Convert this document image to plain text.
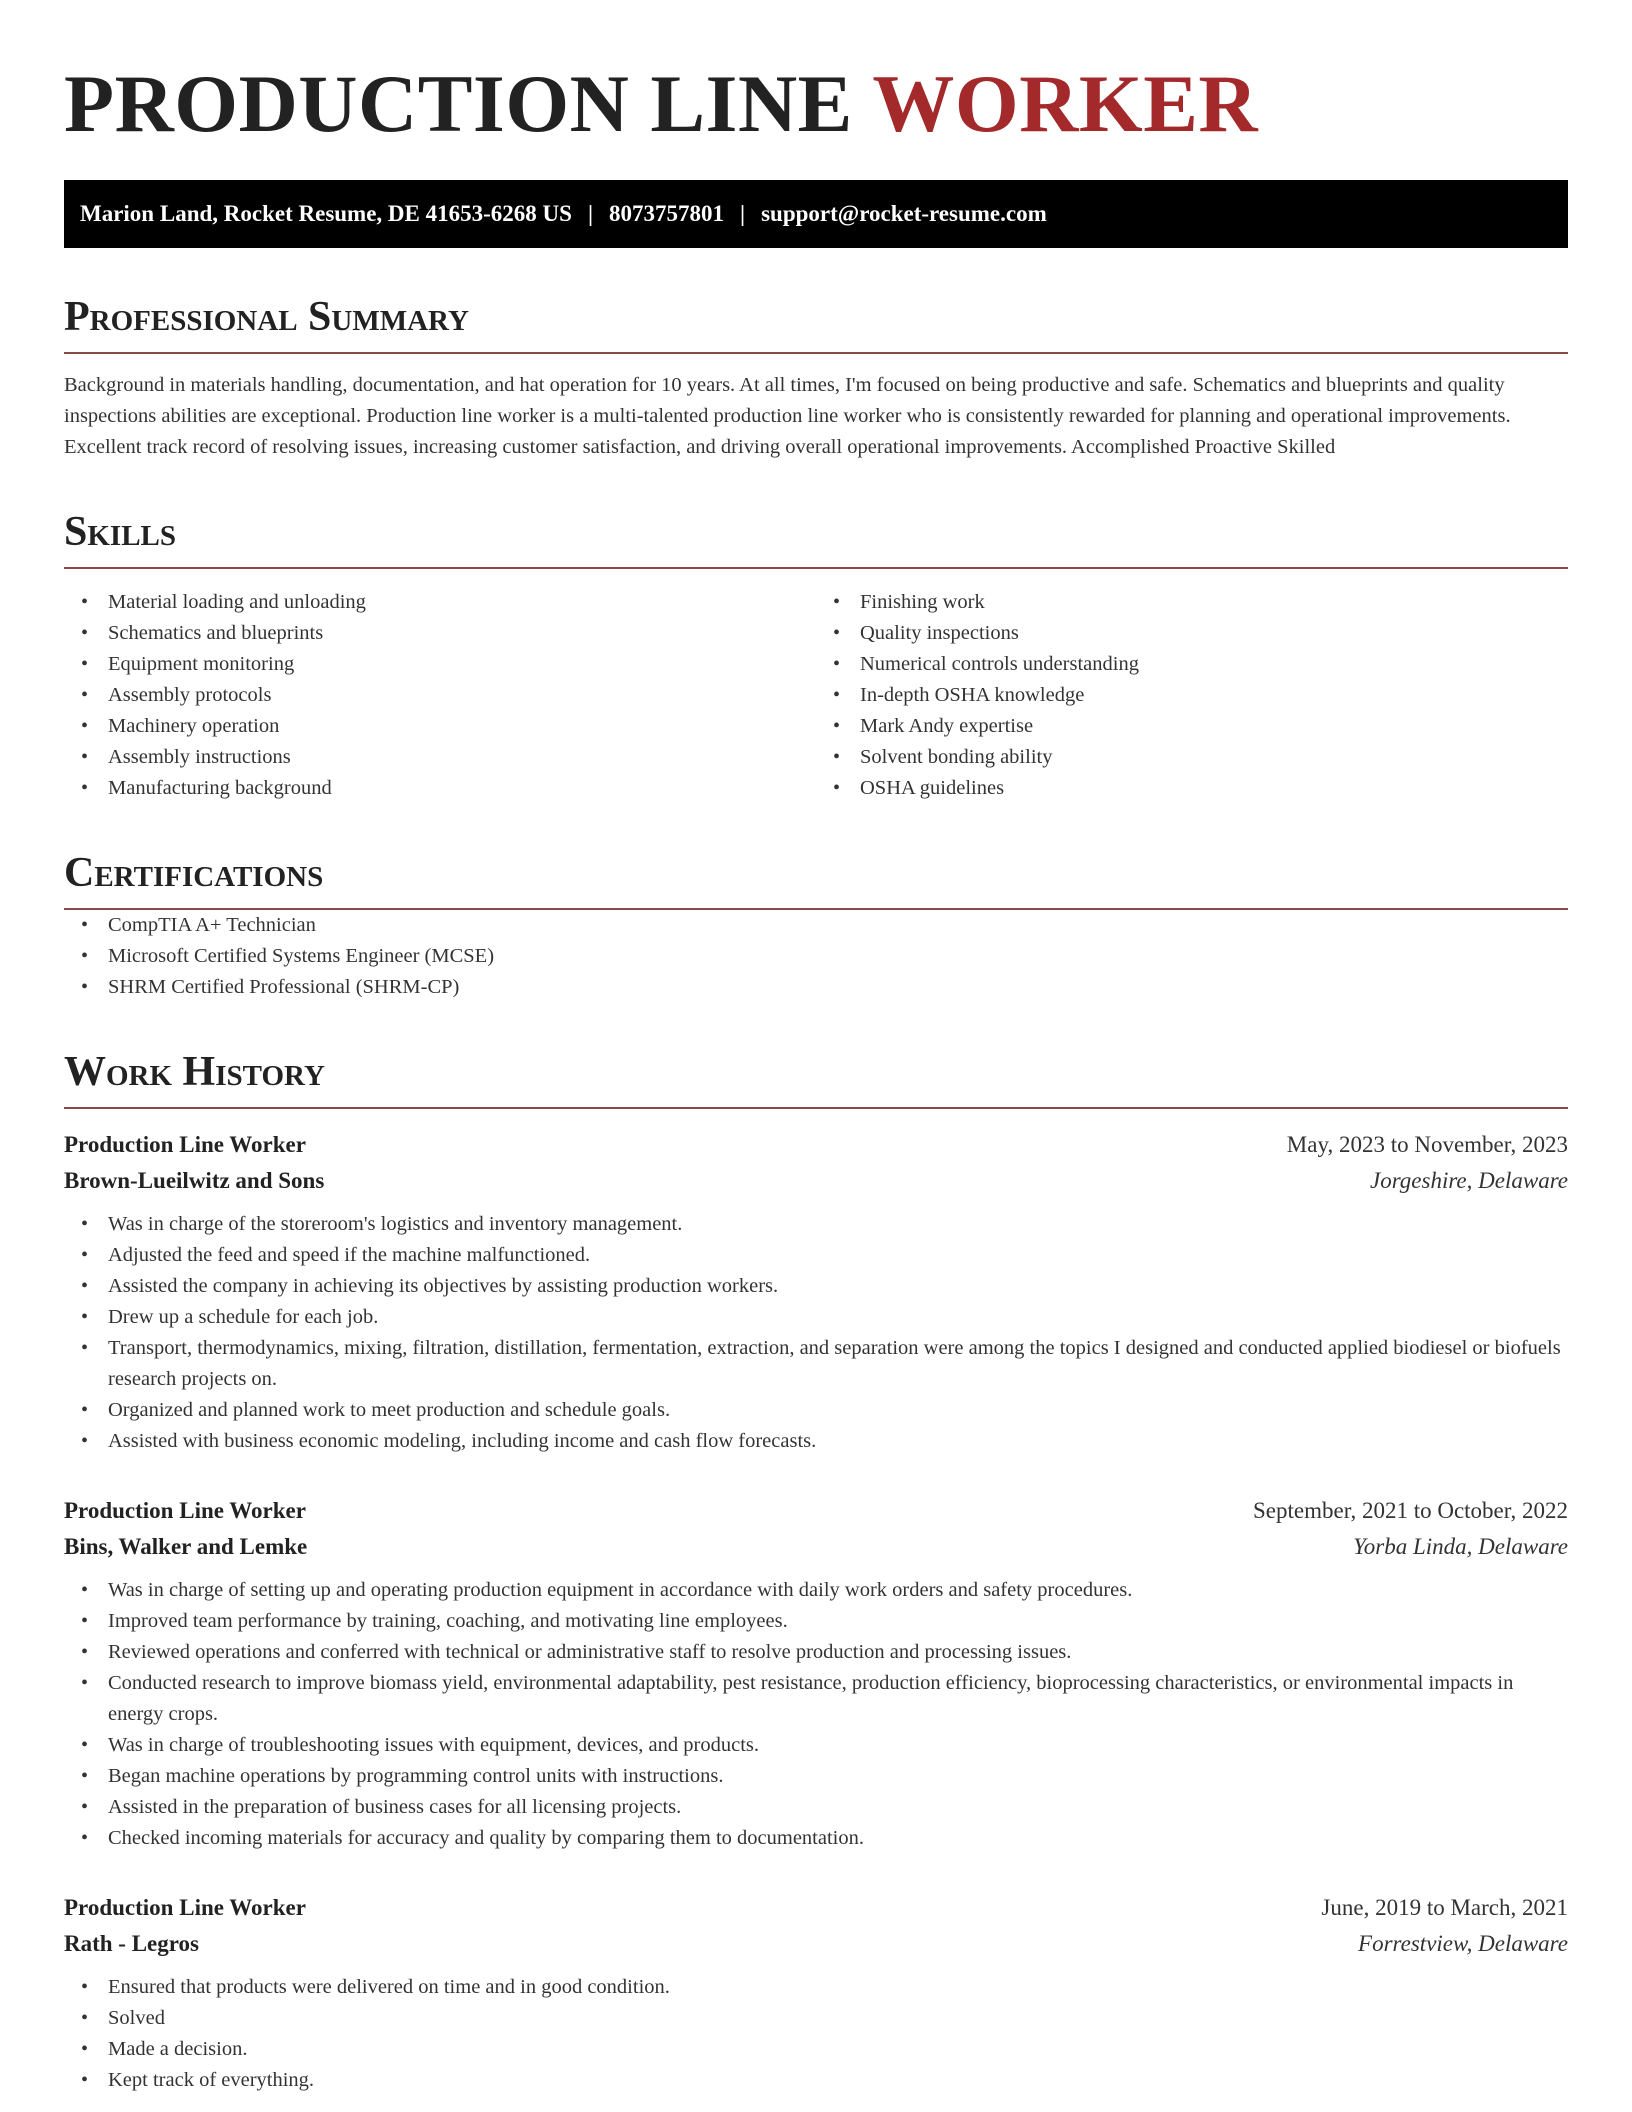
PRODUCTION LINE WORKER
Marion Land, Rocket Resume, DE 41653-6268 US | 8073757801 | support@rocket-resume.com
Professional Summary

Background in materials handling, documentation, and hat operation for 10 years. At all times, I'm focused on being productive and safe. Schematics and blueprints and quality inspections abilities are exceptional. Production line worker is a multi-talented production line worker who is consistently rewarded for planning and operational improvements. Excellent track record of resolving issues, increasing customer satisfaction, and driving overall operational improvements. Accomplished Proactive Skilled

Skills
• Material loading and unloading
• Schematics and blueprints
• Equipment monitoring
• Assembly protocols
• Machinery operation
• Assembly instructions
• Manufacturing background
• Finishing work
• Quality inspections
• Numerical controls understanding
• In-depth OSHA knowledge
• Mark Andy expertise
• Solvent bonding ability
• OSHA guidelines
Certifications
• CompTIA A+ Technician
• Microsoft Certified Systems Engineer (MCSE)
• SHRM Certified Professional (SHRM-CP)
Work History
Production Line Worker	May, 2023 to November, 2023
Brown-Lueilwitz and Sons	Jorgeshire, Delaware
• Was in charge of the storeroom's logistics and inventory management.
• Adjusted the feed and speed if the machine malfunctioned.
• Assisted the company in achieving its objectives by assisting production workers.
• Drew up a schedule for each job.
• Transport, thermodynamics, mixing, filtration, distillation, fermentation, extraction, and separation were among the topics I designed and conducted applied biodiesel or biofuels research projects on.
• Organized and planned work to meet production and schedule goals.
• Assisted with business economic modeling, including income and cash flow forecasts.
Production Line Worker	September, 2021 to October, 2022
Bins, Walker and Lemke	Yorba Linda, Delaware
• Was in charge of setting up and operating production equipment in accordance with daily work orders and safety procedures.
• Improved team performance by training, coaching, and motivating line employees.
• Reviewed operations and conferred with technical or administrative staff to resolve production and processing issues.
• Conducted research to improve biomass yield, environmental adaptability, pest resistance, production efficiency, bioprocessing characteristics, or environmental impacts in energy crops.
• Was in charge of troubleshooting issues with equipment, devices, and products.
• Began machine operations by programming control units with instructions.
• Assisted in the preparation of business cases for all licensing projects.
• Checked incoming materials for accuracy and quality by comparing them to documentation.
Production Line Worker	June, 2019 to March, 2021
Rath - Legros	Forrestview, Delaware
• Ensured that products were delivered on time and in good condition.
• Solved
• Made a decision.
• Kept track of everything.
